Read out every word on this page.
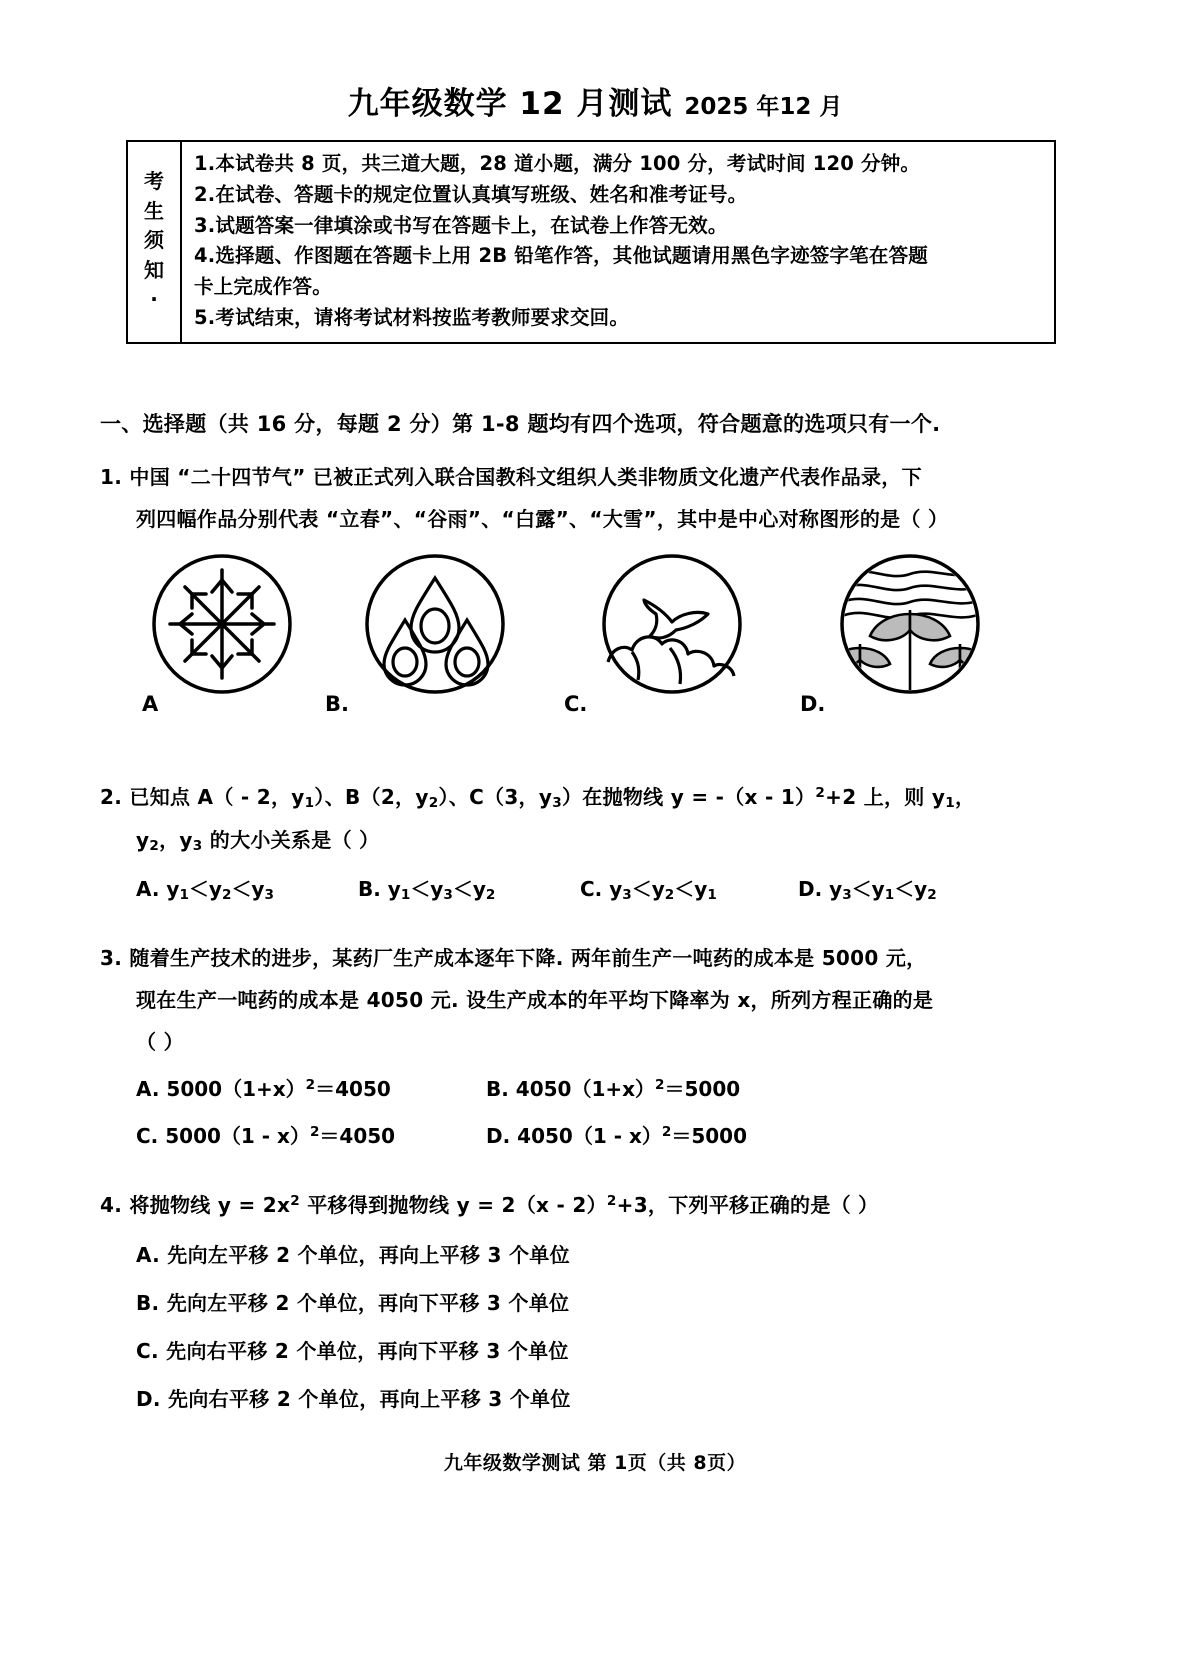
九年级数学 12 月测试 2025 年12 月
考
生
须
知
·

1.本试卷共 8 页，共三道大题，28 道小题，满分 100 分，考试时间 120 分钟。

2.在试卷、答题卡的规定位置认真填写班级、姓名和准考证号。

3.试题答案一律填涂或书写在答题卡上，在试卷上作答无效。

4.选择题、作图题在答题卡上用 2B 铅笔作答，其他试题请用黑色字迹签字笔在答题

卡上完成作答。

5.考试结束，请将考试材料按监考教师要求交回。

一、选择题（共 16 分，每题 2 分）第 1-8 题均有四个选项，符合题意的选项只有一个.
1. 中国 “二十四节气” 已被正式列入联合国教科文组织人类非物质文化遗产代表作品录，下
列四幅作品分别代表 “立春”、“谷雨”、“白露”、“大雪”，其中是中心对称图形的是（ ）
A	B.	C.	D.
2. 已知点 A（ - 2，$y_1$）、B（2，$y_2$）、C（3，$y_3$）在抛物线 y = -（x - 1）$^2$+2 上，则 $y_1$，
$y_2$，$y_3$ 的大小关系是（ ）
A. $y_1<y_2<y_3$	B. $y_1<y_3<y_2$	C. $y_3<y_2<y_1$	D. $y_3<y_1<y_2$
3. 随着生产技术的进步，某药厂生产成本逐年下降. 两年前生产一吨药的成本是 5000 元，
现在生产一吨药的成本是 4050 元. 设生产成本的年平均下降率为 x，所列方程正确的是
（ ）
A. $5000(1+x)^2=4050$	B. $4050(1+x)^2=5000$
C. 5000（1 - x）$^2$＝4050	D. 4050（1 - x）$^2$＝5000
4. 将抛物线 $y = 2x^2$ 平移得到抛物线 y = 2（x - 2）$^2$+3，下列平移正确的是（ ）
A. 先向左平移 2 个单位，再向上平移 3 个单位
B. 先向左平移 2 个单位，再向下平移 3 个单位
C. 先向右平移 2 个单位，再向下平移 3 个单位
D. 先向右平移 2 个单位，再向上平移 3 个单位
九年级数学测试 第 1页（共 8页）
